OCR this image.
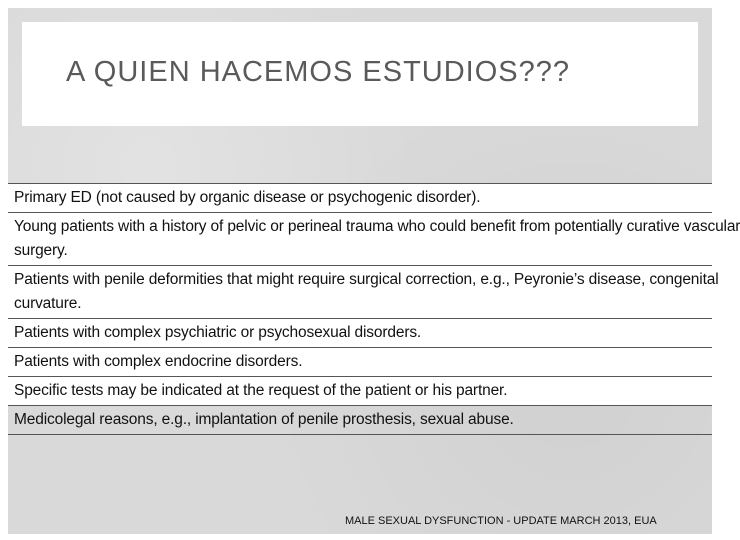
A QUIEN HACEMOS ESTUDIOS???
Primary ED (not caused by organic disease or psychogenic disorder).
Young patients with a history of pelvic or perineal trauma who could benefit from potentially curative vascular
surgery.
Patients with penile deformities that might require surgical correction, e.g., Peyronie’s disease, congenital
curvature.
Patients with complex psychiatric or psychosexual disorders.
Patients with complex endocrine disorders.
Specific tests may be indicated at the request of the patient or his partner.
Medicolegal reasons, e.g., implantation of penile prosthesis, sexual abuse.
MALE SEXUAL DYSFUNCTION - UPDATE MARCH 2013, EUA
